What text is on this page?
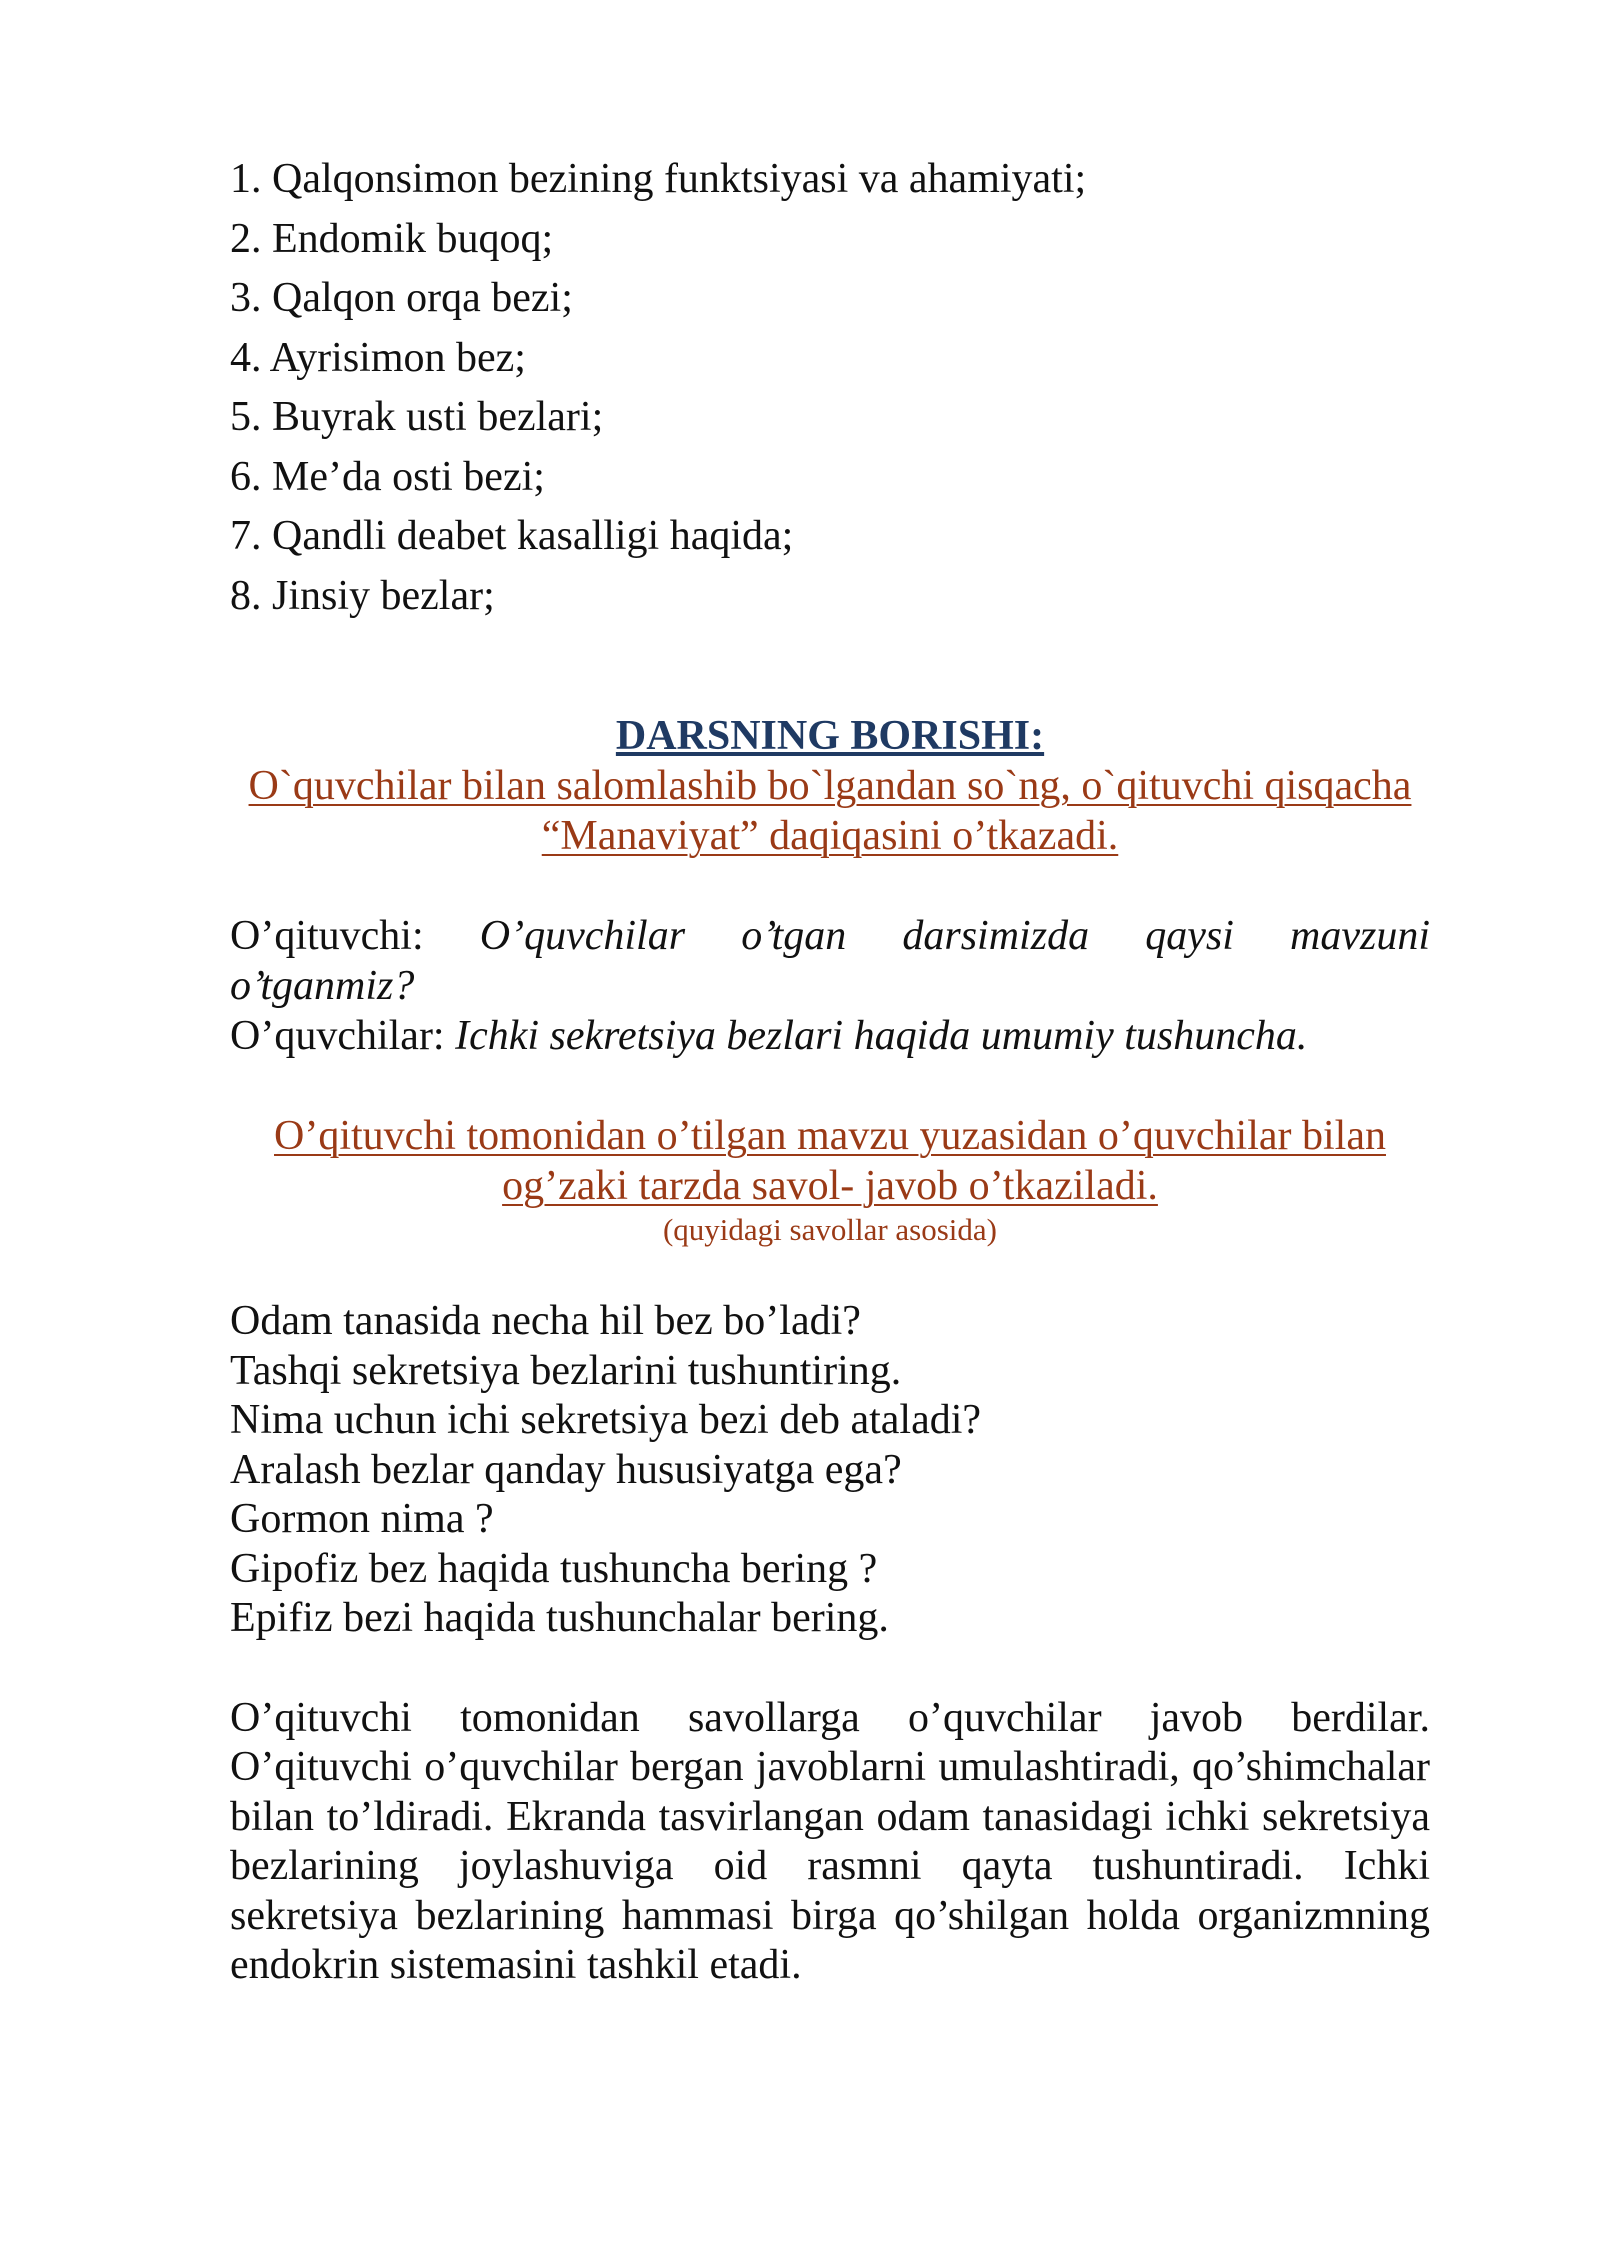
1. Qalqonsimon bezining funktsiyasi va ahamiyati;
2. Endomik buqoq;
3. Qalqon orqa bezi;
4. Ayrisimon bez;
5. Buyrak usti bezlari;
6. Me’da osti bezi;
7. Qandli deabet kasalligi haqida;
8. Jinsiy bezlar;
DARSNING BORISHI:
O`quvchilar bilan salomlashib bo`lgandan so`ng, o`qituvchi qisqacha
“Manaviyat” daqiqasini o’tkazadi.
O’qituvchi: O’quvchilar o’tgan darsimizda qaysi mavzuni
o’tganmiz?
O’quvchilar: Ichki sekretsiya bezlari haqida umumiy tushuncha.
O’qituvchi tomonidan o’tilgan mavzu yuzasidan o’quvchilar bilan
og’zaki tarzda savol- javob o’tkaziladi.
(quyidagi savollar asosida)
Odam tanasida necha hil bez bo’ladi?
Tashqi sekretsiya bezlarini tushuntiring.
Nima uchun ichi sekretsiya bezi deb ataladi?
Aralash bezlar qanday hususiyatga ega?
Gormon nima ?
Gipofiz bez haqida tushuncha bering ?
Epifiz bezi haqida tushunchalar bering.

O’qituvchi tomonidan savollarga o’quvchilar javob berdilar. O’qituvchi o’quvchilar bergan javoblarni umulashtiradi, qo’shimchalar bilan to’ldiradi. Ekranda tasvirlangan odam tanasidagi ichki sekretsiya bezlarining joylashuviga oid rasmni qayta tushuntiradi. Ichki sekretsiya bezlarining hammasi birga qo’shilgan holda organizmning endokrin sistemasini tashkil etadi.
